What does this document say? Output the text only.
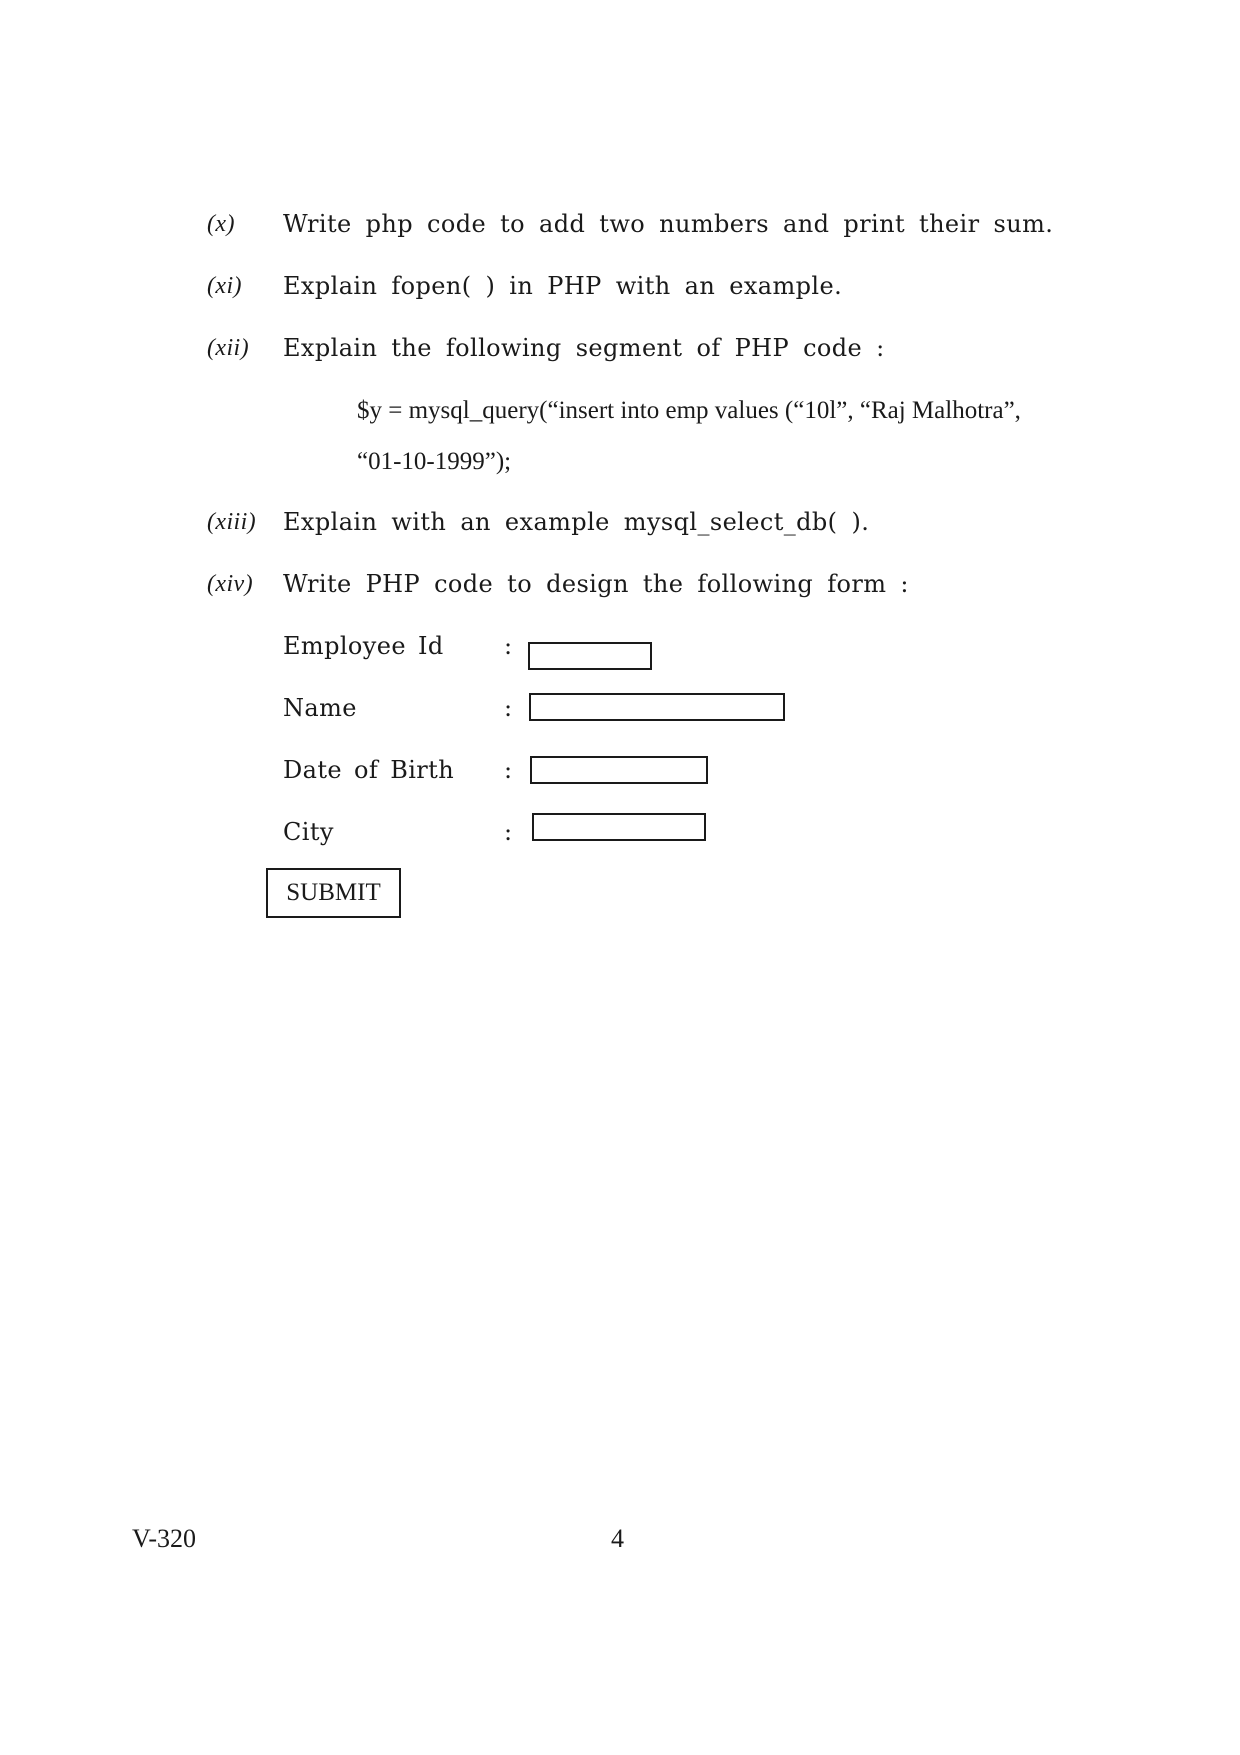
(x) Write php code to add two numbers and print their sum.
(xi) Explain fopen( ) in PHP with an example.
(xii) Explain the following segment of PHP code :
$y = mysql_query(“insert into emp values (“10l”, “Raj Malhotra”,
“01-10-1999”);
(xiii) Explain with an example mysql_select_db( ).
(xiv) Write PHP code to design the following form :
Employee Id	:
Name	:
Date of Birth :
City	:
SUBMIT
V-320	4
